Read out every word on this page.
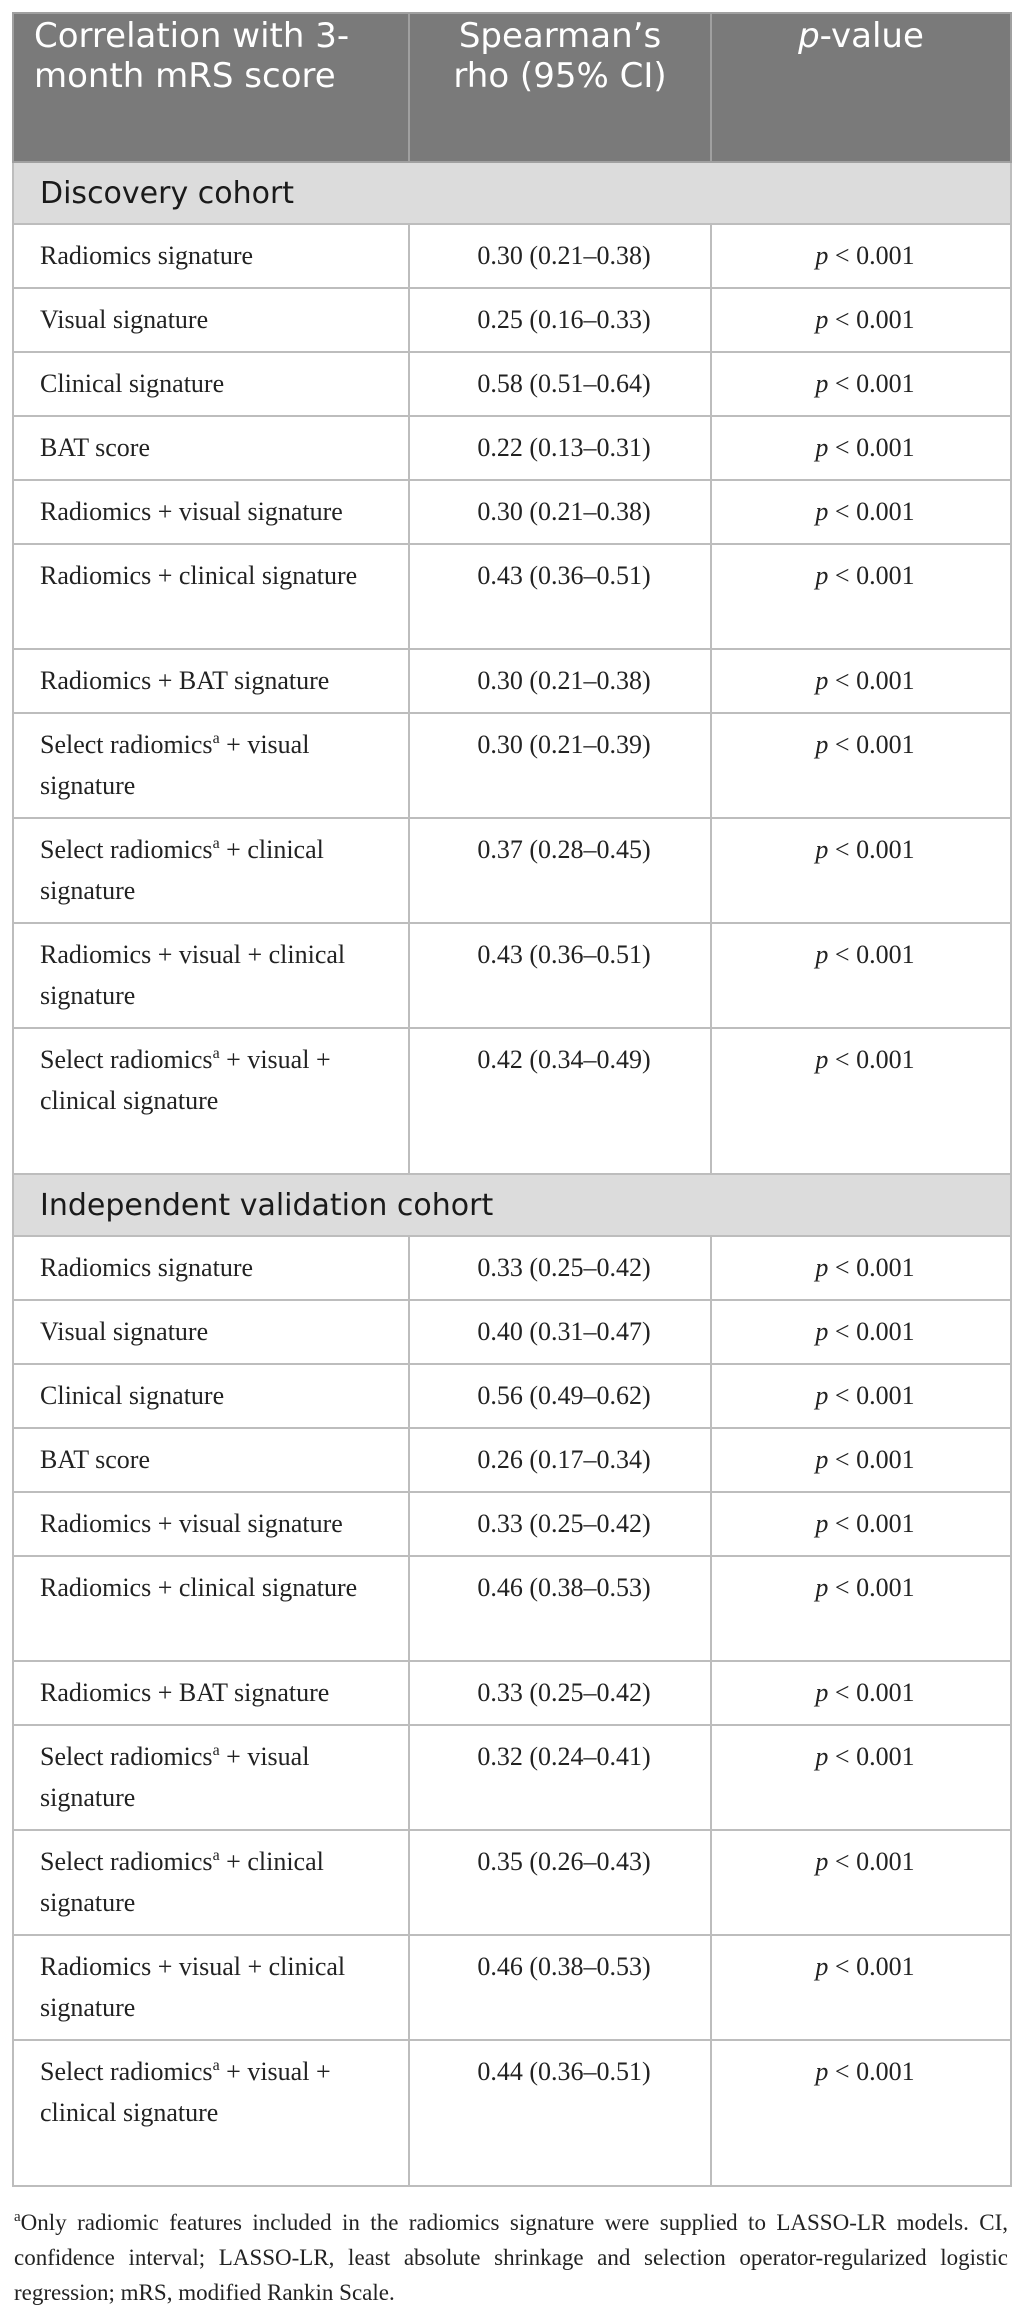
Correlation with 3-month mRS score	Spearman’s rho (95% CI)	p-value
Discovery cohort		
Radiomics signature	0.30 (0.21–0.38)	p < 0.001
Visual signature	0.25 (0.16–0.33)	p < 0.001
Clinical signature	0.58 (0.51–0.64)	p < 0.001
BAT score	0.22 (0.13–0.31)	p < 0.001
Radiomics + visual signature	0.30 (0.21–0.38)	p < 0.001
Radiomics + clinical signature	0.43 (0.36–0.51)	p < 0.001
Radiomics + BAT signature	0.30 (0.21–0.38)	p < 0.001
Select radiomics$^a$ + visual signature	0.30 (0.21–0.39)	p < 0.001
Select radiomics$^a$ + clinical signature	0.37 (0.28–0.45)	p < 0.001
Radiomics + visual + clinical signature	0.43 (0.36–0.51)	p < 0.001
Select radiomics$^a$ + visual + clinical signature	0.42 (0.34–0.49)	p < 0.001
Independent validation cohort		
Radiomics signature	0.33 (0.25–0.42)	p < 0.001
Visual signature	0.40 (0.31–0.47)	p < 0.001
Clinical signature	0.56 (0.49–0.62)	p < 0.001
BAT score	0.26 (0.17–0.34)	p < 0.001
Radiomics + visual signature	0.33 (0.25–0.42)	p < 0.001
Radiomics + clinical signature	0.46 (0.38–0.53)	p < 0.001
Radiomics + BAT signature	0.33 (0.25–0.42)	p < 0.001
Select radiomics$^a$ + visual signature	0.32 (0.24–0.41)	p < 0.001
Select radiomics$^a$ + clinical signature	0.35 (0.26–0.43)	p < 0.001
Radiomics + visual + clinical signature	0.46 (0.38–0.53)	p < 0.001
Select radiomics$^a$ + visual + clinical signature	0.44 (0.36–0.51)	p < 0.001
$^a$Only radiomic features included in the radiomics signature were supplied to LASSO-LR models. CI, confidence interval; LASSO-LR, least absolute shrinkage and selection operator-regularized logistic regression; mRS, modified Rankin Scale.
